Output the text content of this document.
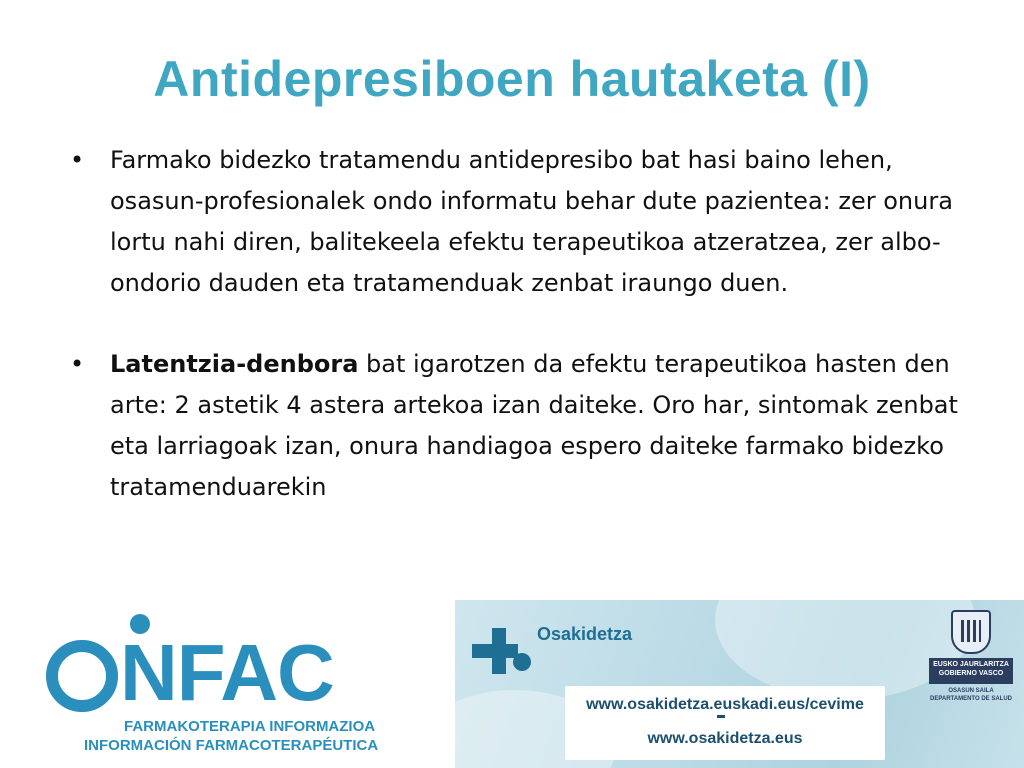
Antidepresiboen hautaketa (I)
• Farmako bidezko tratamendu antidepresibo bat hasi baino lehen, osasun-profesionalek ondo informatu behar dute pazientea: zer onura lortu nahi diren, balitekeela efektu terapeutikoa atzeratzea, zer albo-ondorio dauden eta tratamenduak zenbat iraungo duen.
• Latentzia-denbora bat igarotzen da efektu terapeutikoa hasten den arte: 2 astetik 4 astera artekoa izan daiteke. Oro har, sintomak zenbat eta larriagoak izan, onura handiagoa espero daiteke farmako bidezko tratamenduarekin
NFAC
FARMAKOTERAPIA INFORMAZIOA
INFORMACIÓN FARMACOTERAPÉUTICA
Osakidetza
www.osakidetza.euskadi.eus/cevime
www.osakidetza.eus
EUSKO JAURLARITZA
GOBIERNO VASCO
OSASUN SAILA
DEPARTAMENTO DE SALUD
